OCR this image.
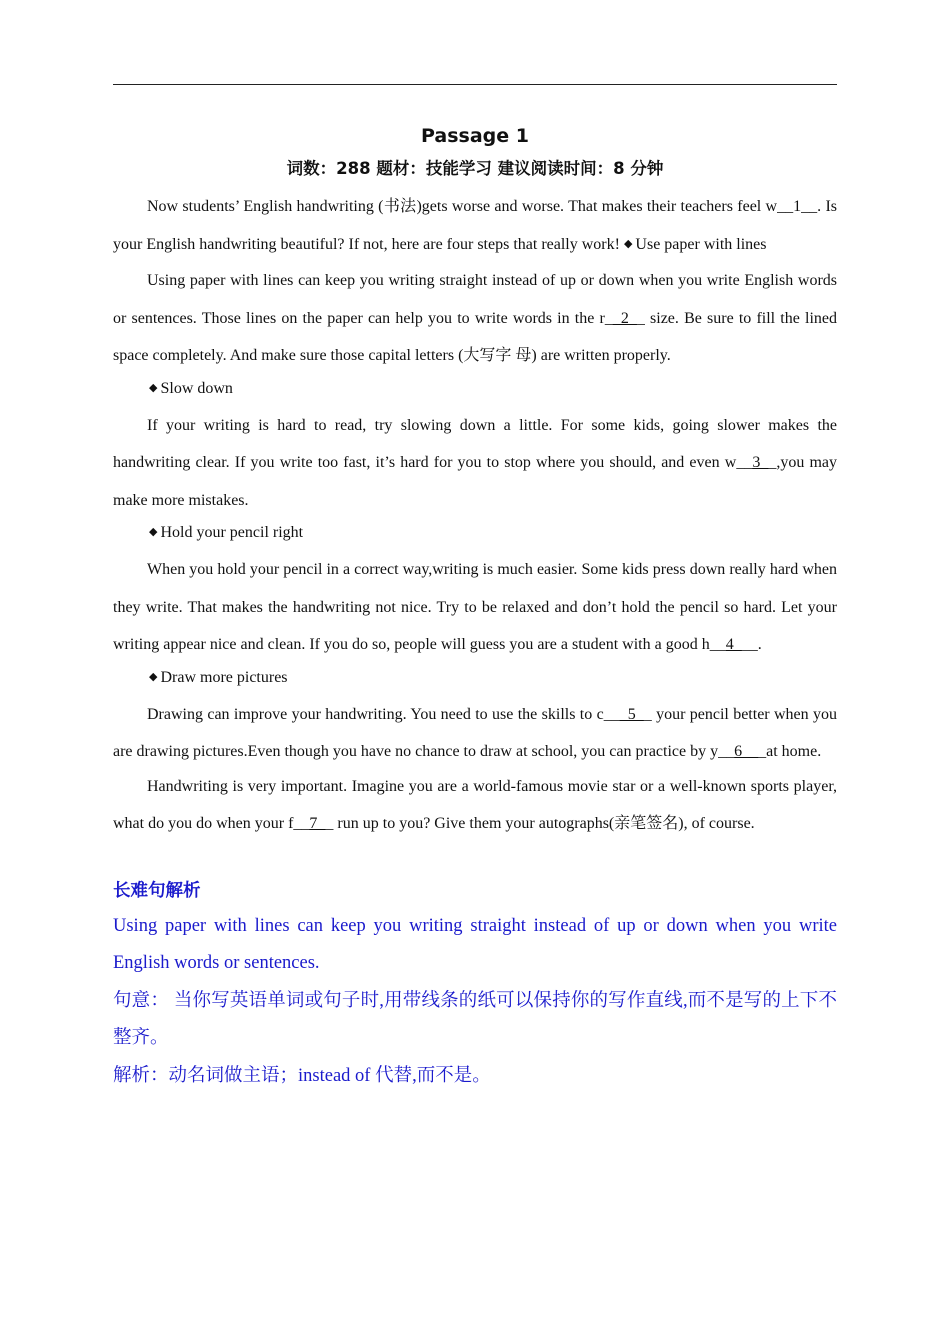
Passage 1
词数：288 题材：技能学习 建议阅读时间：8 分钟

Now students’ English handwriting (书法)gets worse and worse. That makes their teachers feel w__1__. Is your English handwriting beautiful? If not, here are four steps that really work! ◆ Use paper with lines

Using paper with lines can keep you writing straight instead of up or down when you write English words or sentences. Those lines on the paper can help you to write words in the r__2__ size. Be sure to fill the lined space completely. And make sure those capital letters (大写字 母) are written properly.

◆ Slow down

If your writing is hard to read, try slowing down a little. For some kids, going slower makes the handwriting clear. If you write too fast, it’s hard for you to stop where you should, and even w__3__,you may make more mistakes.

◆ Hold your pencil right

When you hold your pencil in a correct way,writing is much easier. Some kids press down really hard when they write. That makes the handwriting not nice. Try to be relaxed and don’t hold the pencil so hard. Let your writing appear nice and clean. If you do so, people will guess you are a student with a good h__4___.

◆ Draw more pictures

Drawing can improve your handwriting. You need to use the skills to c___5__ your pencil better when you are drawing pictures.Even though you have no chance to draw at school, you can practice by y__6___at home.

Handwriting is very important. Imagine you are a world-famous movie star or a well-known sports player, what do you do when your f__7__ run up to you? Give them your autographs(亲笔签名), of course.

长难句解析

Using paper with lines can keep you writing straight instead of up or down when you write English words or sentences.

句意： 当你写英语单词或句子时,用带线条的纸可以保持你的写作直线,而不是写的上下不整齐。

解析：动名词做主语；instead of 代替,而不是。
